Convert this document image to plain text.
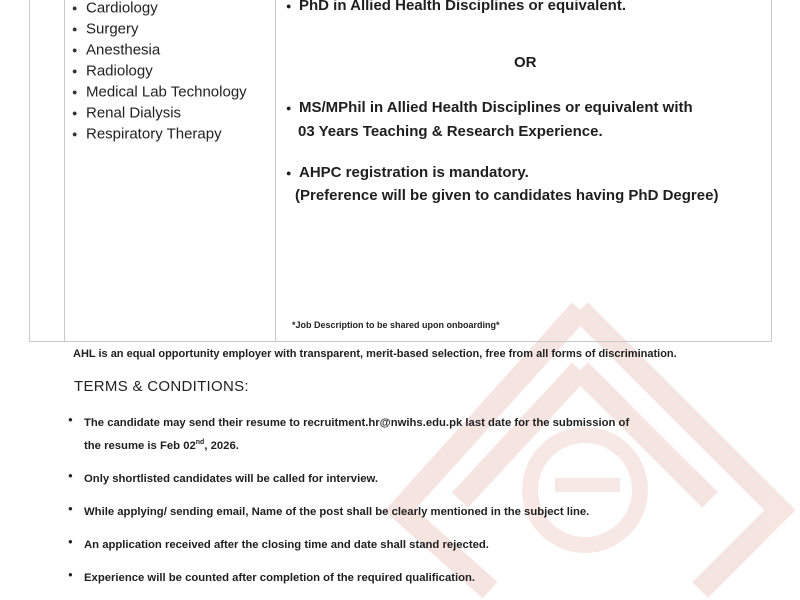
● Cardiology
● Surgery
● Anesthesia
● Radiology
● Medical Lab Technology
● Renal Dialysis
● Respiratory Therapy
● PhD in Allied Health Disciplines or equivalent.
OR
● MS/MPhil in Allied Health Disciplines or equivalent with
03 Years Teaching & Research Experience.
● AHPC registration is mandatory.
(Preference will be given to candidates having PhD Degree)
*Job Description to be shared upon onboarding*
AHL is an equal opportunity employer with transparent, merit-based selection, free from all forms of discrimination.
TERMS & CONDITIONS:
● The candidate may send their resume to recruitment.hr@nwihs.edu.pk last date for the submission of
the resume is Feb 02nd, 2026.
● Only shortlisted candidates will be called for interview.
● While applying/ sending email, Name of the post shall be clearly mentioned in the subject line.
● An application received after the closing time and date shall stand rejected.
● Experience will be counted after completion of the required qualification.
